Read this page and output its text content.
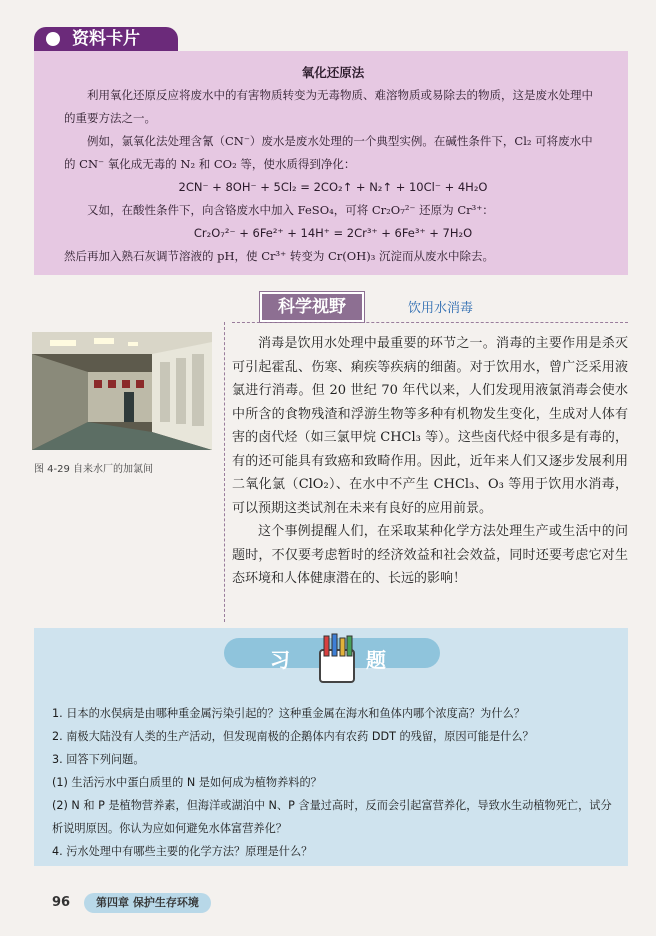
资料卡片
氧化还原法

利用氧化还原反应将废水中的有害物质转变为无毒物质、难溶物质或易除去的物质，这是废水处理中的重要方法之一。

例如，氯氧化法处理含氰（CN⁻）废水是废水处理的一个典型实例。在碱性条件下，Cl₂ 可将废水中的 CN⁻ 氧化成无毒的 N₂ 和 CO₂ 等，使水质得到净化：

2CN⁻ + 8OH⁻ + 5Cl₂ = 2CO₂↑ + N₂↑ + 10Cl⁻ + 4H₂O

又如，在酸性条件下，向含铬废水中加入 FeSO₄，可将 Cr₂O₇²⁻ 还原为 Cr³⁺：

Cr₂O₇²⁻ + 6Fe²⁺ + 14H⁺ = 2Cr³⁺ + 6Fe³⁺ + 7H₂O

然后再加入熟石灰调节溶液的 pH，使 Cr³⁺ 转变为 Cr(OH)₃ 沉淀而从废水中除去。

科学视野	饮用水消毒
图 4-29 自来水厂的加氯间

消毒是饮用水处理中最重要的环节之一。消毒的主要作用是杀灭可引起霍乱、伤寒、痢疾等疾病的细菌。对于饮用水，曾广泛采用液氯进行消毒。但 20 世纪 70 年代以来，人们发现用液氯消毒会使水中所含的食物残渣和浮游生物等多种有机物发生变化，生成对人体有害的卤代烃（如三氯甲烷 CHCl₃ 等）。这些卤代烃中很多是有毒的，有的还可能具有致癌和致畸作用。因此，近年来人们又逐步发展利用二氧化氯（ClO₂）、在水中不产生 CHCl₃、O₃ 等用于饮用水消毒，可以预期这类试剂在未来有良好的应用前景。

这个事例提醒人们，在采取某种化学方法处理生产或生活中的问题时，不仅要考虑暂时的经济效益和社会效益，同时还要考虑它对生态环境和人体健康潜在的、长远的影响！

习	题

1. 日本的水俣病是由哪种重金属污染引起的？这种重金属在海水和鱼体内哪个浓度高？为什么？

2. 南极大陆没有人类的生产活动，但发现南极的企鹅体内有农药 DDT 的残留，原因可能是什么？

3. 回答下列问题。

(1) 生活污水中蛋白质里的 N 是如何成为植物养料的？

(2) N 和 P 是植物营养素，但海洋或湖泊中 N、P 含量过高时，反而会引起富营养化，导致水生动植物死亡，试分析说明原因。你认为应如何避免水体富营养化？

4. 污水处理中有哪些主要的化学方法？原理是什么？

96	第四章 保护生存环境
